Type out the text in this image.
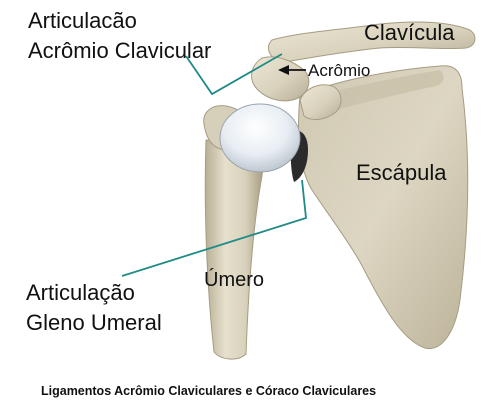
Articulacão
Acrômio Clavicular
Clavícula
Acrômio
Escápula
Úmero
Articulação
Gleno Umeral
Ligamentos Acrômio Claviculares e Córaco Claviculares
